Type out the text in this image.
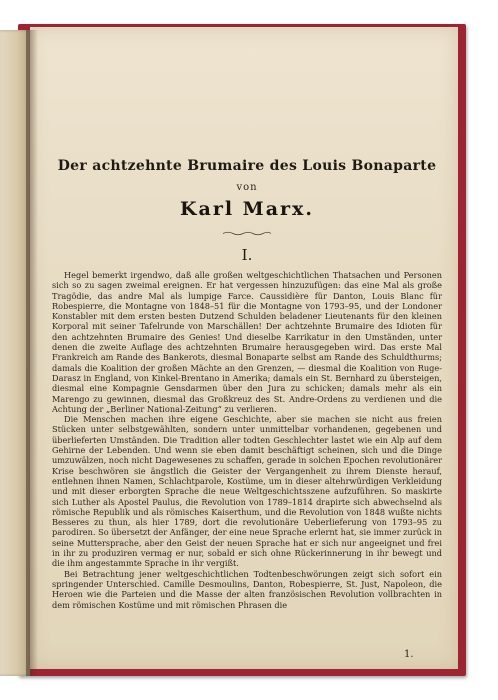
Der achtzehnte Brumaire des Louis Bonaparte
von
Karl Marx.
I.

Hegel bemerkt irgendwo, daß alle großen weltgeschichtlichen Thatsachen und Personen sich so zu sagen zweimal ereignen. Er hat vergessen hinzuzufügen: das eine Mal als große Tragödie, das andre Mal als lumpige Farce. Caussidière für Danton, Louis Blanc für Robespierre, die Montagne von 1848–51 für die Montagne von 1793–95, und der Londoner Konstabler mit dem ersten besten Dutzend Schulden beladener Lieutenants für den kleinen Korporal mit seiner Tafelrunde von Marschällen! Der achtzehnte Brumaire des Idioten für den achtzehnten Brumaire des Genies! Und dieselbe Karrikatur in den Umständen, unter denen die zweite Auflage des achtzehnten Brumaire herausgegeben wird. Das erste Mal Frankreich am Rande des Bankerots, diesmal Bonaparte selbst am Rande des Schuldthurms; damals die Koalition der großen Mächte an den Grenzen, — diesmal die Koalition von Ruge-Darasz in England, von Kinkel-Brentano in Amerika; damals ein St. Bernhard zu übersteigen, diesmal eine Kompagnie Gensdarmen über den Jura zu schicken; damals mehr als ein Marengo zu gewinnen, diesmal das Großkreuz des St. Andre-Ordens zu verdienen und die Achtung der „Berliner National-Zeitung“ zu verlieren.

Die Menschen machen ihre eigene Geschichte, aber sie machen sie nicht aus freien Stücken unter selbstgewählten, sondern unter unmittelbar vorhandenen, gegebenen und überlieferten Umständen. Die Tradition aller todten Geschlechter lastet wie ein Alp auf dem Gehirne der Lebenden. Und wenn sie eben damit beschäftigt scheinen, sich und die Dinge umzuwälzen, noch nicht Dagewesenes zu schaffen, gerade in solchen Epochen revolutionärer Krise beschwören sie ängstlich die Geister der Vergangenheit zu ihrem Dienste herauf, entlehnen ihnen Namen, Schlachtparole, Kostüme, um in dieser altehrwürdigen Verkleidung und mit dieser erborgten Sprache die neue Weltgeschichtsszene aufzuführen. So maskirte sich Luther als Apostel Paulus, die Revolution von 1789–1814 drapirte sich abwechselnd als römische Republik und als römisches Kaiserthum, und die Revolution von 1848 wußte nichts Besseres zu thun, als hier 1789, dort die revolutionäre Ueberlieferung von 1793–95 zu parodiren. So übersetzt der Anfänger, der eine neue Sprache erlernt hat, sie immer zurück in seine Muttersprache, aber den Geist der neuen Sprache hat er sich nur angeeignet und frei in ihr zu produziren vermag er nur, sobald er sich ohne Rückerinnerung in ihr bewegt und die ihm angestammte Sprache in ihr vergißt.

Bei Betrachtung jener weltgeschichtlichen Todtenbeschwörungen zeigt sich sofort ein springender Unterschied. Camille Desmoulins, Danton, Robespierre, St. Just, Napoleon, die Heroen wie die Parteien und die Masse der alten französischen Revolution vollbrachten in dem römischen Kostüme und mit römischen Phrasen die

1.
